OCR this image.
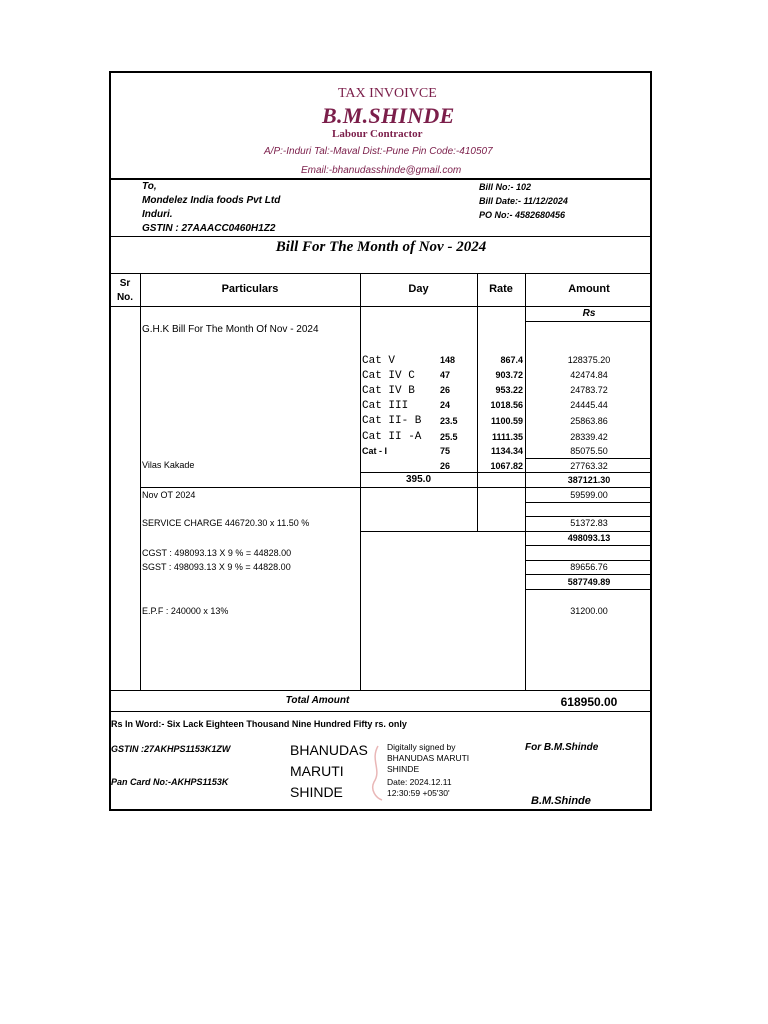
TAX INVOIVCE
B.M.SHINDE
Labour Contractor
A/P:-Induri Tal:-Maval Dist:-Pune Pin Code:-410507
Email:-bhanudasshinde@gmail.com
To,
Mondelez India foods Pvt Ltd
Induri.
GSTIN : 27AAACC0460H1Z2
Bill No:- 102
Bill Date:- 11/12/2024
PO No:- 4582680456
Bill For The Month of Nov - 2024
Sr
No.
Particulars	Day	Rate	Amount
Rs
G.H.K Bill For The Month Of Nov - 2024
Cat V	148	867.4	128375.20
Cat IV C	47	903.72	42474.84
Cat IV B	26	953.22	24783.72
Cat III	24	1018.56	24445.44
Cat II- B 23.5	1100.59	25863.86
Cat II -A 25.5	1111.35	28339.42
Cat - I	75	1134.34	85075.50
Vilas Kakade	26	1067.82	27763.32
395.0	387121.30
Nov OT 2024	59599.00
SERVICE CHARGE 446720.30 x 11.50 %	51372.83
498093.13
CGST : 498093.13 X 9 % = 44828.00
SGST : 498093.13 X 9 % = 44828.00	89656.76
587749.89
E.P.F : 240000 x 13%	31200.00
Total Amount	618950.00
Rs In Word:- Six Lack Eighteen Thousand Nine Hundred Fifty rs. only
GSTIN :27AKHPS1153K1ZW
Pan Card No:-AKHPS1153K
BHANUDAS
MARUTI
SHINDE
Digitally signed by
BHANUDAS MARUTI
SHINDE
Date: 2024.12.11
12:30:59 +05'30'
For B.M.Shinde
B.M.Shinde
